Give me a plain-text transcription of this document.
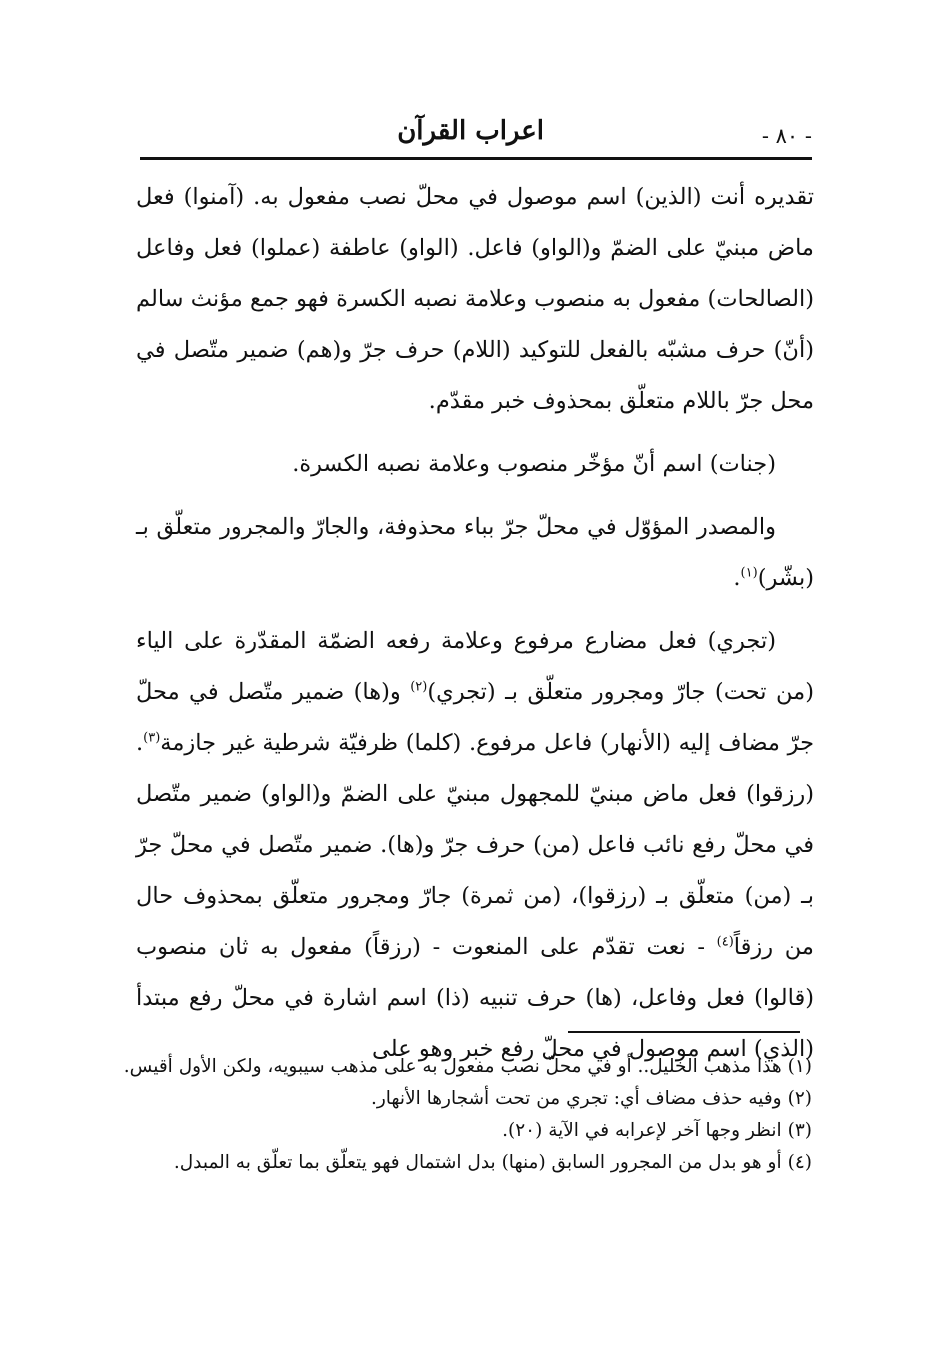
اعراب القرآن	- ٨٠ -

تقديره أنت (الذين) اسم موصول في محلّ نصب مفعول به. (آمنوا) فعل ماض مبنيّ على الضمّ و(الواو) فاعل. (الواو) عاطفة (عملوا) فعل وفاعل (الصالحات) مفعول به منصوب وعلامة نصبه الكسرة فهو جمع مؤنث سالم (أنّ) حرف مشبّه بالفعل للتوكيد (اللام) حرف جرّ و(هم) ضمير متّصل في محل جرّ باللام متعلّق بمحذوف خبر مقدّم.

(جنات) اسم أنّ مؤخّر منصوب وعلامة نصبه الكسرة.

والمصدر المؤوّل في محلّ جرّ بباء محذوفة، والجارّ والمجرور متعلّق بـ (بشّر)$^{(١)}$.

(تجري) فعل مضارع مرفوع وعلامة رفعه الضمّة المقدّرة على الياء (من تحت) جارّ ومجرور متعلّق بـ (تجري)$^{(٢)}$ و(ها) ضمير متّصل في محلّ جرّ مضاف إليه (الأنهار) فاعل مرفوع. (كلما) ظرفيّة شرطية غير جازمة$^{(٣)}$. (رزقوا) فعل ماض مبنيّ للمجهول مبنيّ على الضمّ و(الواو) ضمير متّصل في محلّ رفع نائب فاعل (من) حرف جرّ و(ها). ضمير متّصل في محلّ جرّ بـ (من) متعلّق بـ (رزقوا)، (من ثمرة) جارّ ومجرور متعلّق بمحذوف حال من رزقاً$^{(٤)}$ - نعت تقدّم على المنعوت - (رزقاً) مفعول به ثان منصوب (قالوا) فعل وفاعل، (ها) حرف تنبيه (ذا) اسم اشارة في محلّ رفع مبتدأ (الذي) اسم موصول في محلّ رفع خبر وهو على

(١)هذا مذهب الخليل.. أو في محلّ نصب مفعول به على مذهب سيبويه، ولكن الأول أقيس.

(٢)وفيه حذف مضاف أي: تجري من تحت أشجارها الأنهار.

(٣)انظر وجها آخر لإعرابه في الآية (٢٠).

(٤)أو هو بدل من المجرور السابق (منها) بدل اشتمال فهو يتعلّق بما تعلّق به المبدل.
